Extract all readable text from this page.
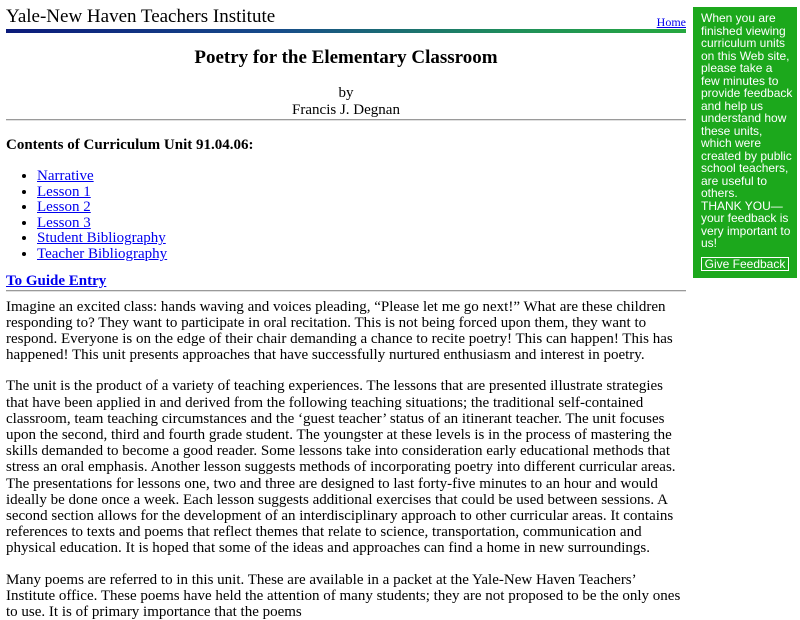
Yale-New Haven Teachers Institute	Home
Poetry for the Elementary Classroom
by
Francis J. Degnan
Contents of Curriculum Unit 91.04.06:
• Narrative
• Lesson 1
• Lesson 2
• Lesson 3
• Student Bibliography
• Teacher Bibliography
To Guide Entry

Imagine an excited class: hands waving and voices pleading, “Please let me go next!” What are these children responding to? They want to participate in oral recitation. This is not being forced upon them, they want to respond. Everyone is on the edge of their chair demanding a chance to recite poetry! This can happen! This has happened! This unit presents approaches that have successfully nurtured enthusiasm and interest in poetry.

The unit is the product of a variety of teaching experiences. The lessons that are presented illustrate strategies that have been applied in and derived from the following teaching situations; the traditional self-contained classroom, team teaching circumstances and the ‘guest teacher’ status of an itinerant teacher. The unit focuses upon the second, third and fourth grade student. The youngster at these levels is in the process of mastering the skills demanded to become a good reader. Some lessons take into consideration early educational methods that stress an oral emphasis. Another lesson suggests methods of incorporating poetry into different curricular areas. The presentations for lessons one, two and three are designed to last forty-five minutes to an hour and would ideally be done once a week. Each lesson suggests additional exercises that could be used between sessions. A second section allows for the development of an interdisciplinary approach to other curricular areas. It contains references to texts and poems that reflect themes that relate to science, transportation, communication and physical education. It is hoped that some of the ideas and approaches can find a home in new surroundings.

Many poems are referred to in this unit. These are available in a packet at the Yale-New Haven Teachers’ Institute office. These poems have held the attention of many students; they are not proposed to be the only ones to use. It is of primary importance that the poems

When you are finished viewing curriculum units on this Web site, please take a few minutes to provide feedback and help us understand how these units, which were created by public school teachers, are useful to others.

THANK YOU— your feedback is very important to us!

Give Feedback
